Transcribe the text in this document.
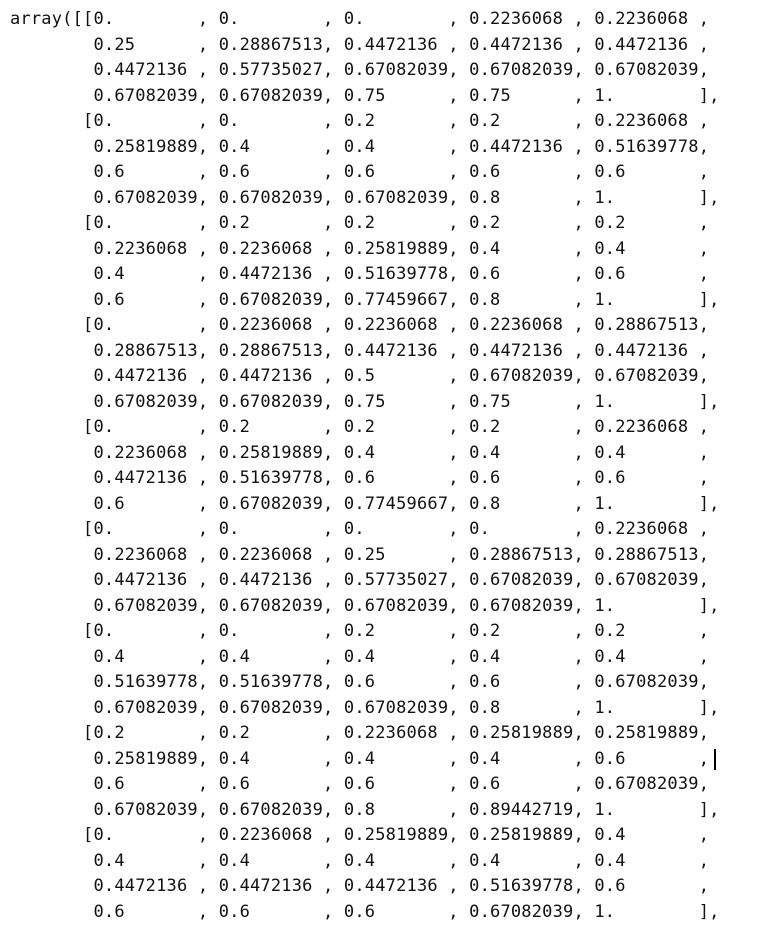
array([[0.        , 0.        , 0.        , 0.2236068 , 0.2236068 ,
0.25      , 0.28867513, 0.4472136 , 0.4472136 , 0.4472136 ,
0.4472136 , 0.57735027, 0.67082039, 0.67082039, 0.67082039,
0.67082039, 0.67082039, 0.75      , 0.75      , 1.        ],
[0.        , 0.        , 0.2       , 0.2       , 0.2236068 ,
0.25819889, 0.4       , 0.4       , 0.4472136 , 0.51639778,
0.6       , 0.6       , 0.6       , 0.6       , 0.6       ,
0.67082039, 0.67082039, 0.67082039, 0.8       , 1.        ],
[0.        , 0.2       , 0.2       , 0.2       , 0.2       ,
0.2236068 , 0.2236068 , 0.25819889, 0.4       , 0.4       ,
0.4       , 0.4472136 , 0.51639778, 0.6       , 0.6       ,
0.6       , 0.67082039, 0.77459667, 0.8       , 1.        ],
[0.        , 0.2236068 , 0.2236068 , 0.2236068 , 0.28867513,
0.28867513, 0.28867513, 0.4472136 , 0.4472136 , 0.4472136 ,
0.4472136 , 0.4472136 , 0.5       , 0.67082039, 0.67082039,
0.67082039, 0.67082039, 0.75      , 0.75      , 1.        ],
[0.        , 0.2       , 0.2       , 0.2       , 0.2236068 ,
0.2236068 , 0.25819889, 0.4       , 0.4       , 0.4       ,
0.4472136 , 0.51639778, 0.6       , 0.6       , 0.6       ,
0.6       , 0.67082039, 0.77459667, 0.8       , 1.        ],
[0.        , 0.        , 0.        , 0.        , 0.2236068 ,
0.2236068 , 0.2236068 , 0.25      , 0.28867513, 0.28867513,
0.4472136 , 0.4472136 , 0.57735027, 0.67082039, 0.67082039,
0.67082039, 0.67082039, 0.67082039, 0.67082039, 1.        ],
[0.        , 0.        , 0.2       , 0.2       , 0.2       ,
0.4       , 0.4       , 0.4       , 0.4       , 0.4       ,
0.51639778, 0.51639778, 0.6       , 0.6       , 0.67082039,
0.67082039, 0.67082039, 0.67082039, 0.8       , 1.        ],
[0.2       , 0.2       , 0.2236068 , 0.25819889, 0.25819889,
0.25819889, 0.4       , 0.4       , 0.4       , 0.6       ,
0.6       , 0.6       , 0.6       , 0.6       , 0.67082039,
0.67082039, 0.67082039, 0.8       , 0.89442719, 1.        ],
[0.        , 0.2236068 , 0.25819889, 0.25819889, 0.4       ,
0.4       , 0.4       , 0.4       , 0.4       , 0.4       ,
0.4472136 , 0.4472136 , 0.4472136 , 0.51639778, 0.6       ,
0.6       , 0.6       , 0.6       , 0.67082039, 1.        ],
